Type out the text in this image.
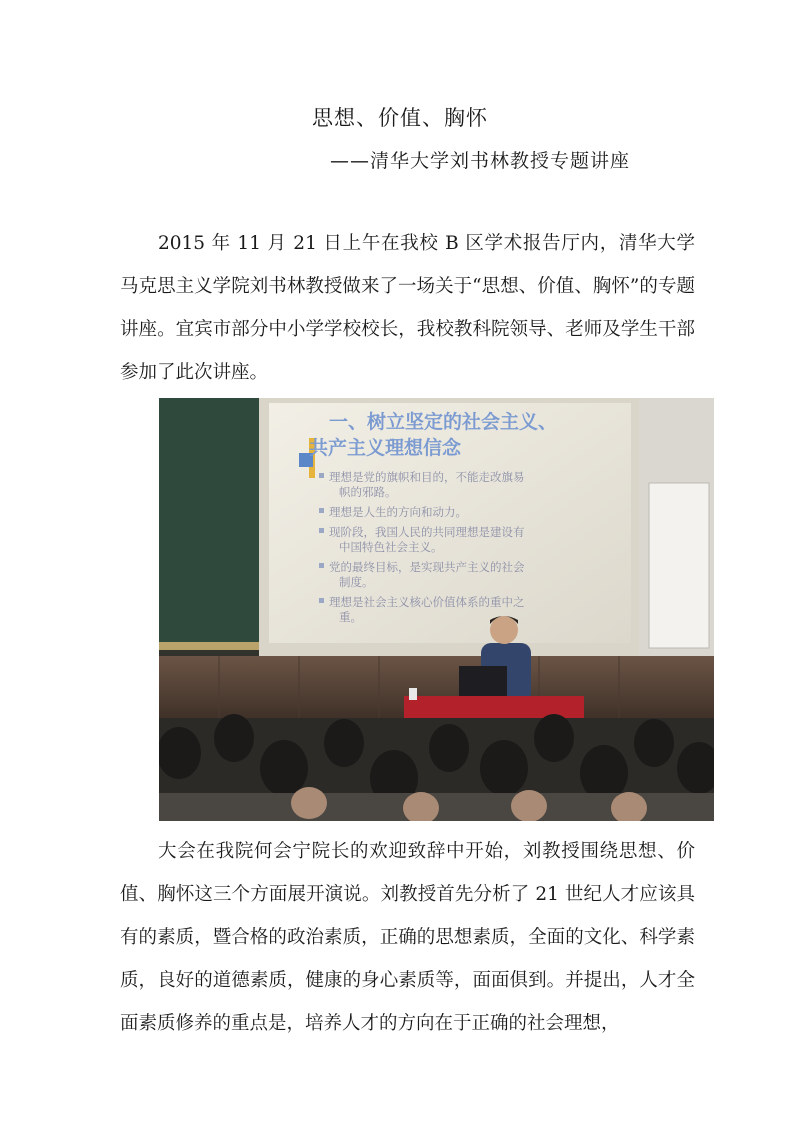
思想、价值、胸怀
——清华大学刘书林教授专题讲座

2015 年 11 月 21 日上午在我校 B 区学术报告厅内，清华大学马克思主义学院刘书林教授做来了一场关于“思想、价值、胸怀”的专题讲座。宜宾市部分中小学学校校长，我校教科院领导、老师及学生干部参加了此次讲座。

一、树立坚定的社会主义、
共产主义理想信念
理想是党的旗帜和目的，不能走改旗易
帜的邪路。
理想是人生的方向和动力。
现阶段，我国人民的共同理想是建设有
中国特色社会主义。
党的最终目标，是实现共产主义的社会
制度。
理想是社会主义核心价值体系的重中之
重。

大会在我院何会宁院长的欢迎致辞中开始，刘教授围绕思想、价值、胸怀这三个方面展开演说。刘教授首先分析了 21 世纪人才应该具有的素质，暨合格的政治素质，正确的思想素质，全面的文化、科学素质，良好的道德素质，健康的身心素质等，面面俱到。并提出，人才全面素质修养的重点是，培养人才的方向在于正确的社会理想，
